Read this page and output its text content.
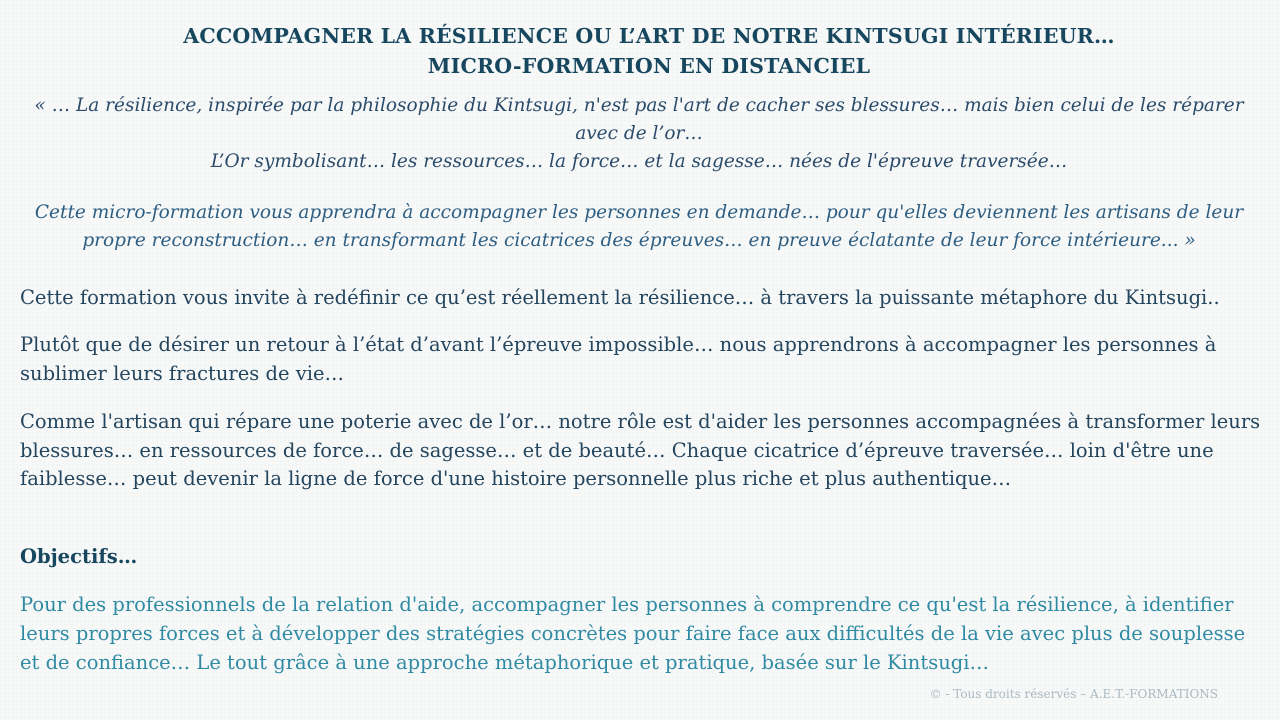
ACCOMPAGNER LA RÉSILIENCE OU L’ART DE NOTRE KINTSUGI INTÉRIEUR…
MICRO-FORMATION EN DISTANCIEL
« … La résilience, inspirée par la philosophie du Kintsugi, n'est pas l'art de cacher ses blessures… mais bien celui de les réparer avec de l’or…
L’Or symbolisant… les ressources… la force… et la sagesse… nées de l'épreuve traversée…

Cette micro-formation vous apprendra à accompagner les personnes en demande… pour qu'elles deviennent les artisans de leur propre reconstruction… en transformant les cicatrices des épreuves… en preuve éclatante de leur force intérieure... »

Cette formation vous invite à redéfinir ce qu’est réellement la résilience… à travers la puissante métaphore du Kintsugi..

Plutôt que de désirer un retour à l’état d’avant l’épreuve impossible… nous apprendrons à accompagner les personnes à sublimer leurs fractures de vie…

Comme l'artisan qui répare une poterie avec de l’or… notre rôle est d'aider les personnes accompagnées à transformer leurs blessures… en ressources de force… de sagesse… et de beauté… Chaque cicatrice d’épreuve traversée… loin d'être une faiblesse… peut devenir la ligne de force d'une histoire personnelle plus riche et plus authentique…

Objectifs…

Pour des professionnels de la relation d'aide, accompagner les personnes à comprendre ce qu'est la résilience, à identifier leurs propres forces et à développer des stratégies concrètes pour faire face aux difficultés de la vie avec plus de souplesse et de confiance… Le tout grâce à une approche métaphorique et pratique, basée sur le Kintsugi…

© - Tous droits réservés – A.E.T.-FORMATIONS
